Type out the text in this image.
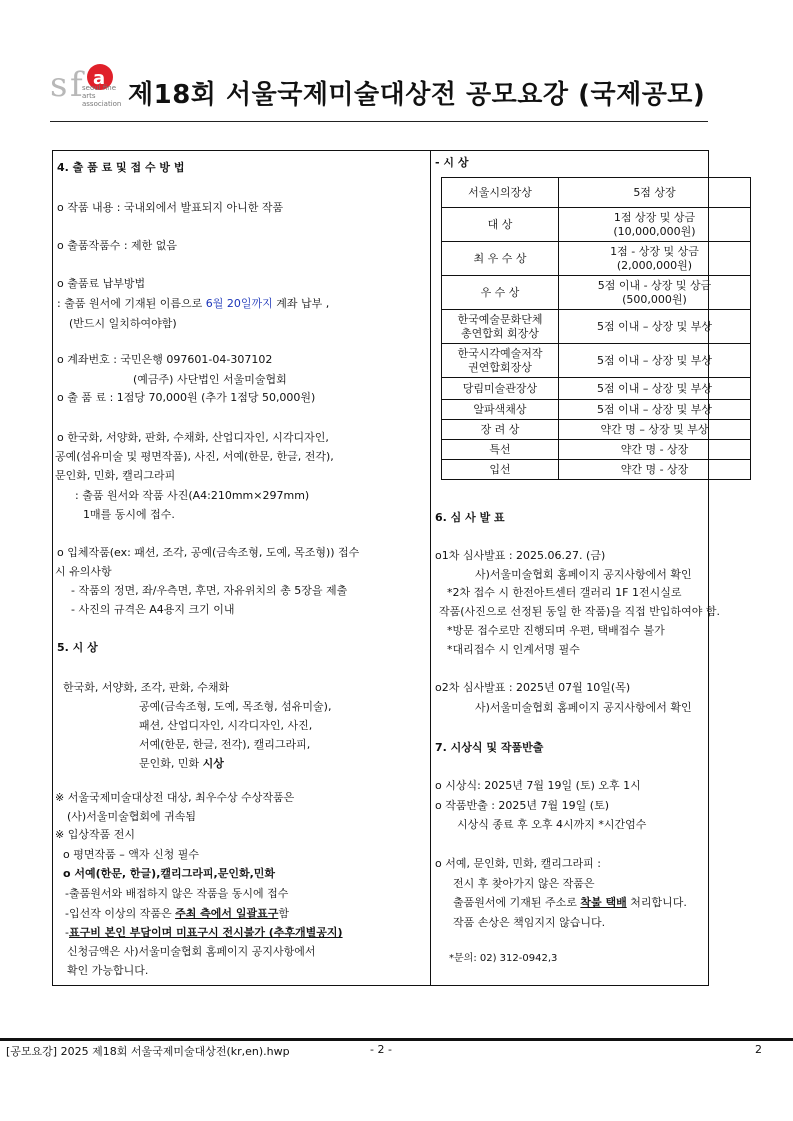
s f a
seoul fine arts association 제18회 서울국제미술대상전 공모요강 (국제공모)
4. 출 품 료 및 접 수 방 법
o 작품 내용 : 국내외에서 발표되지 아니한 작품
o 출품작품수 : 제한 없음
o 출품료 납부방법
: 출품 원서에 기재된 이름으로 6월 20일까지 계좌 납부 ,
(반드시 일치하여야함)
o 계좌번호 : 국민은행 097601-04-307102
(예금주) 사단법인 서울미술협회
o 출 품 료 : 1점당 70,000원 (추가 1점당 50,000원)
o 한국화, 서양화, 판화, 수채화, 산업디자인, 시각디자인,
공예(섬유미술 및 평면작품), 사진, 서예(한문, 한글, 전각),
문인화, 민화, 캘리그라피
: 출품 원서와 작품 사진(A4:210mm×297mm)
1매를 동시에 접수.
o 입체작품(ex: 패션, 조각, 공예(금속조형, 도예, 목조형)) 접수
시 유의사항
- 작품의 정면, 좌/우측면, 후면, 자유위치의 총 5장을 제출
- 사진의 규격은 A4용지 크기 이내
5. 시 상
한국화, 서양화, 조각, 판화, 수채화
공예(금속조형, 도예, 목조형, 섬유미술),
패션, 산업디자인, 시각디자인, 사진,
서예(한문, 한글, 전각), 캘리그라피,
문인화, 민화 시상
※ 서울국제미술대상전 대상, 최우수상 수상작품은
(사)서울미술협회에 귀속됨
※ 입상작품 전시
o 평면작품 – 액자 신청 필수
o 서예(한문, 한글),캘리그라피,문인화,민화
-출품원서와 배접하지 않은 작품을 동시에 접수
-입선작 이상의 작품은 주최 측에서 일괄표구함
-표구비 본인 부담이며 미표구시 전시불가 (추후개별공지)
신청금액은 사)서울미술협회 홈페이지 공지사항에서
확인 가능합니다.
- 시 상
서울시의장상	5점 상장
대 상	1점 상장 및 상금
(10,000,000원)
최 우 수 상	1점 - 상장 및 상금
(2,000,000원)
우 수 상	5점 이내 - 상장 및 상금
(500,000원)
한국예술문화단체
총연합회 회장상	5점 이내 – 상장 및 부상
한국시각예술저작
권연합회장상	5점 이내 – 상장 및 부상
당림미술관장상	5점 이내 – 상장 및 부상
알파색채상	5점 이내 – 상장 및 부상
장 려 상	약간 명 – 상장 및 부상
특선	약간 명 - 상장
입선	약간 명 - 상장
6. 심 사 발 표
o1차 심사발표 : 2025.06.27. (금)
사)서울미술협회 홈페이지 공지사항에서 확인
*2차 접수 시 한전아트센터 갤러리 1F 1전시실로
작품(사진으로 선정된 동일 한 작품)을 직접 반입하여야 함.
*방문 접수로만 진행되며 우편, 택배접수 불가
*대리접수 시 인계서명 필수
o2차 심사발표 : 2025년 07월 10일(목)
사)서울미술협회 홈페이지 공지사항에서 확인
7. 시상식 및 작품반출
o 시상식: 2025년 7월 19일 (토) 오후 1시
o 작품반출 : 2025년 7월 19일 (토)
시상식 종료 후 오후 4시까지 *시간엄수
o 서예, 문인화, 민화, 캘리그라피 :
전시 후 찾아가지 않은 작품은
출품원서에 기재된 주소로 착불 택배 처리합니다.
작품 손상은 책임지지 않습니다.
*문의: 02) 312-0942,3
[공모요강] 2025 제18회 서울국제미술대상전(kr,en).hwp	- 2 -	2
